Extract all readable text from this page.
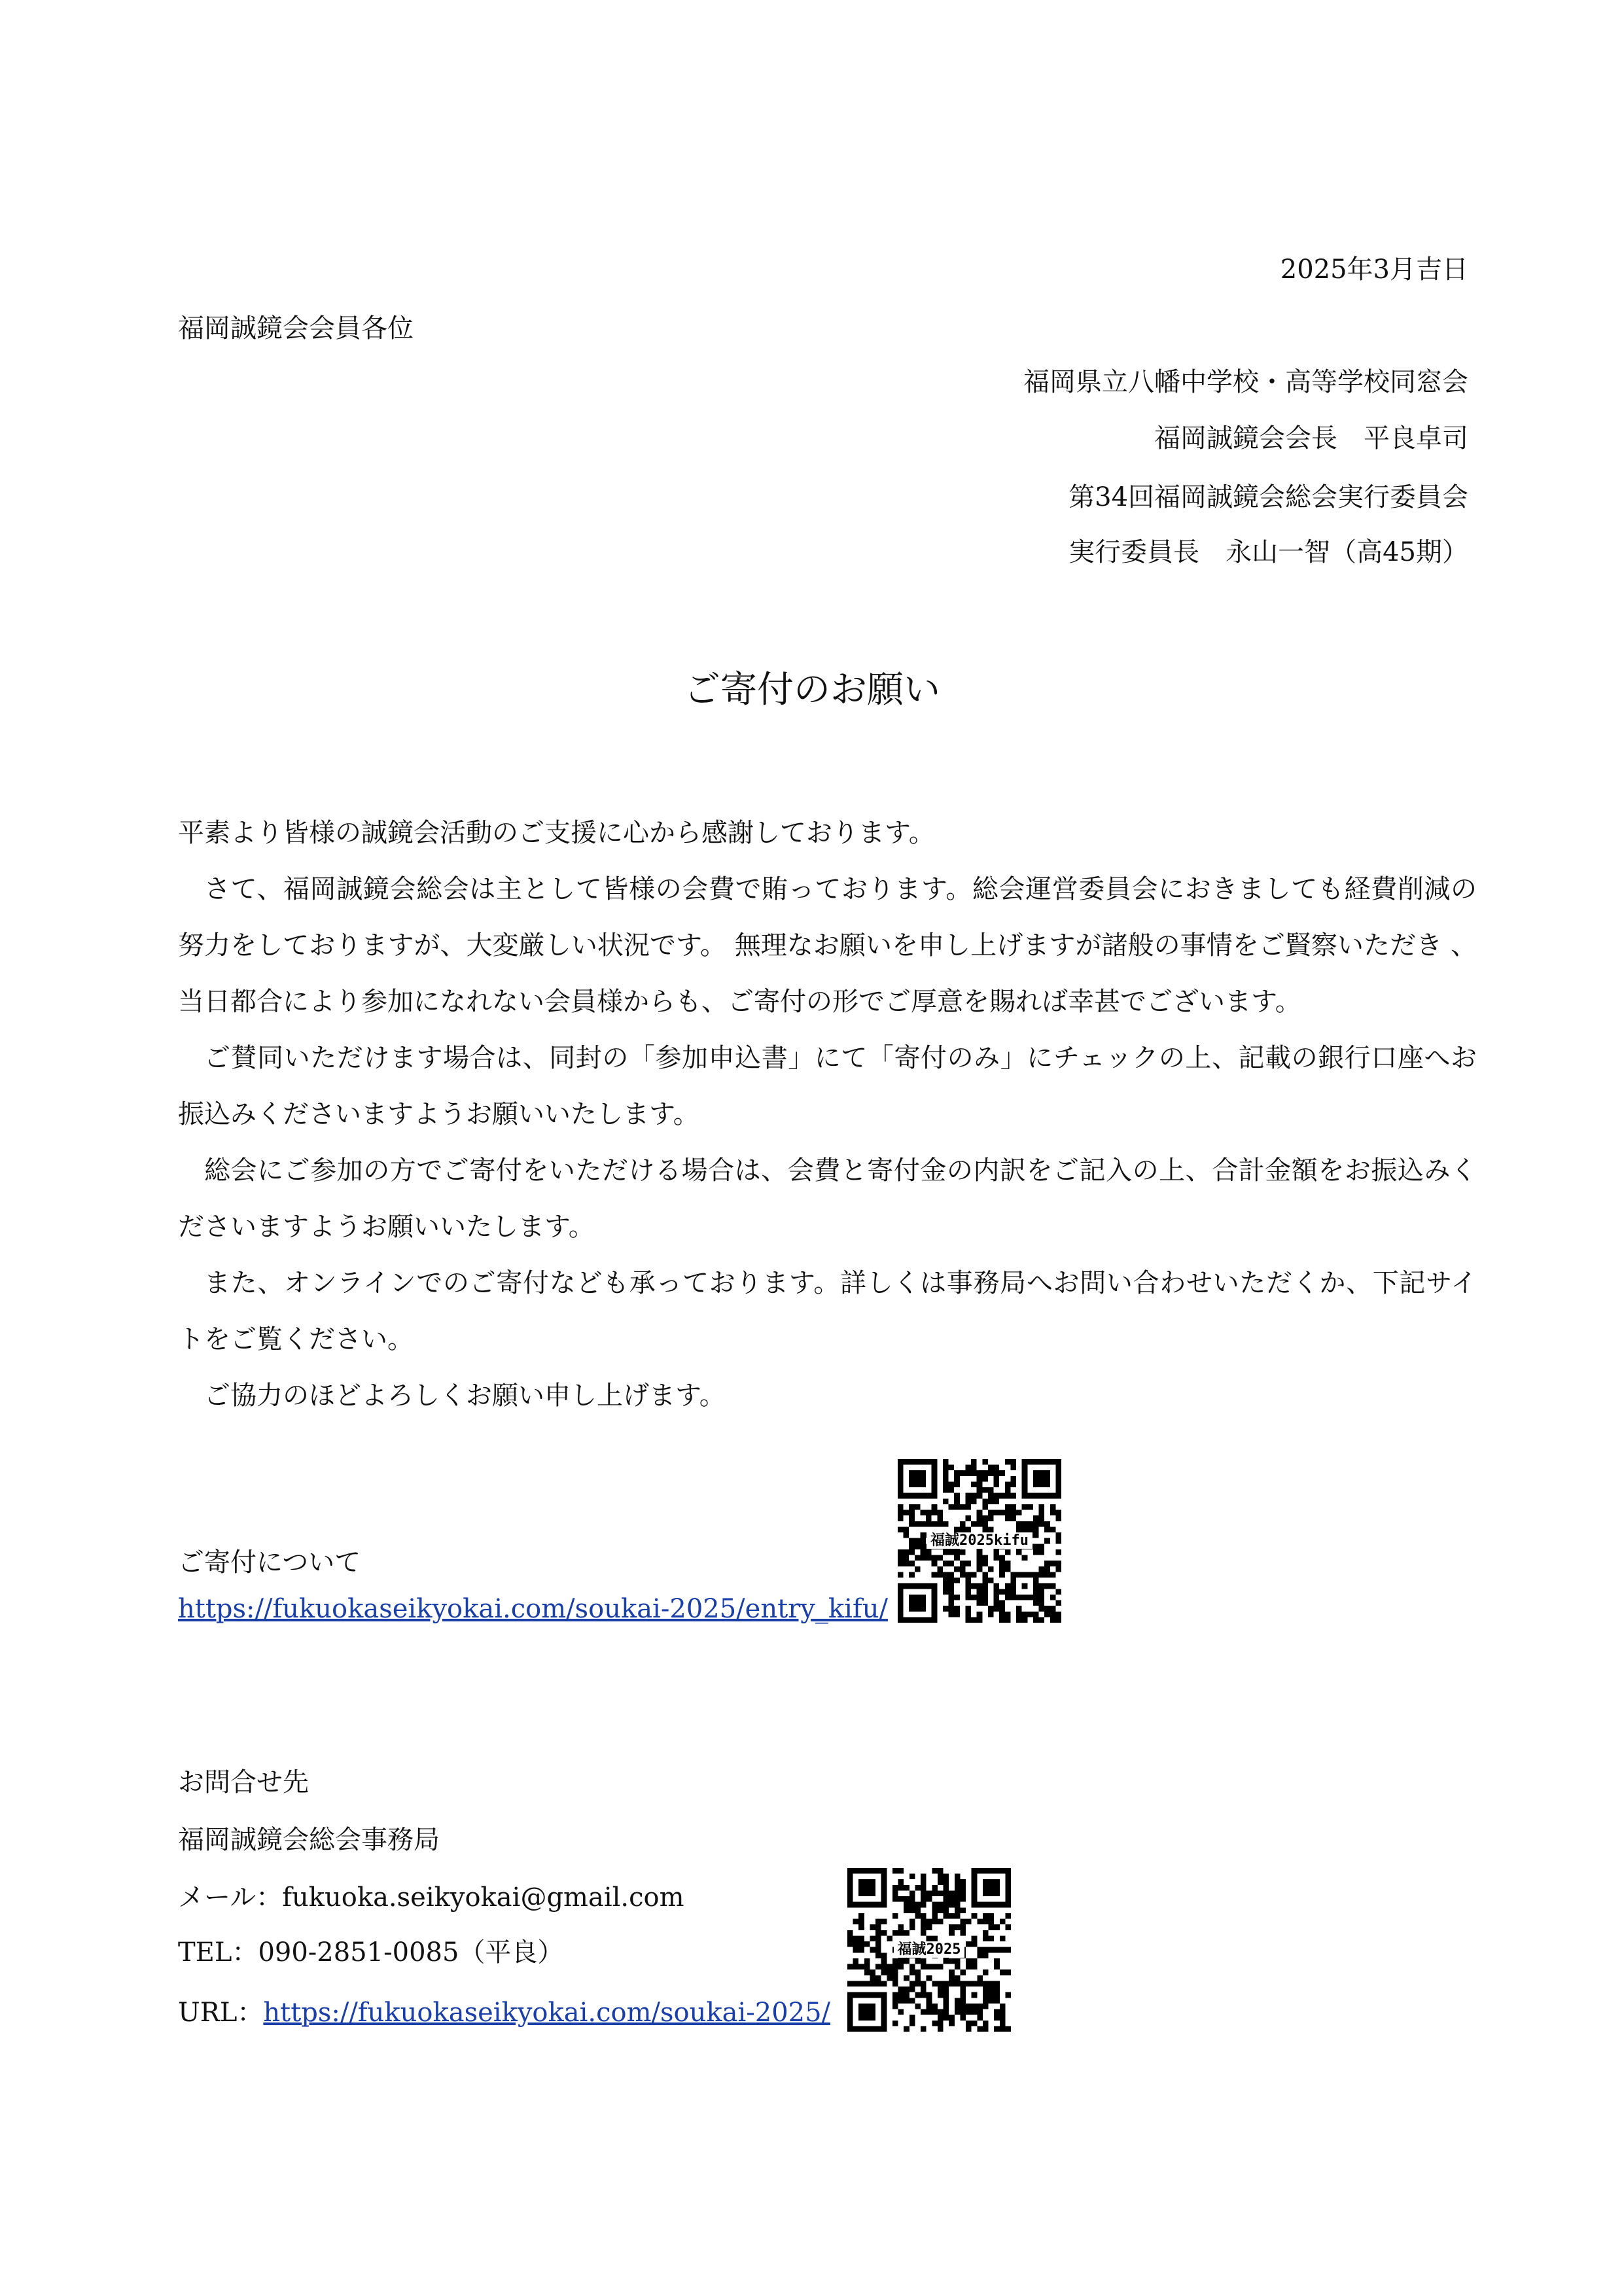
2025年3月吉日
福岡誠鏡会会員各位
福岡県立八幡中学校・高等学校同窓会
福岡誠鏡会会長　平良卓司
第34回福岡誠鏡会総会実行委員会
実行委員長　永山一智（高45期）
ご寄付のお願い

平素より皆様の誠鏡会活動のご支援に心から感謝しております。

さて、福岡誠鏡会総会は主として皆様の会費で賄っております。総会運営委員会におきましても経費削減の努力をしておりますが、大変厳しい状況です。 無理なお願いを申し上げますが諸般の事情をご賢察いただき 、当日都合により参加になれない会員様からも、ご寄付の形でご厚意を賜れば幸甚でございます。

ご賛同いただけます場合は、同封の「参加申込書」にて「寄付のみ」にチェックの上、記載の銀行口座へお振込みくださいますようお願いいたします。

総会にご参加の方でご寄付をいただける場合は、会費と寄付金の内訳をご記入の上、合計金額をお振込みくださいますようお願いいたします。

また、オンラインでのご寄付なども承っております。詳しくは事務局へお問い合わせいただくか、下記サイトをご覧ください。

ご協力のほどよろしくお願い申し上げます。

ご寄付について
https://fukuokaseikyokai.com/soukai-2025/entry_kifu/
福誠2025kifu
お問合せ先
福岡誠鏡会総会事務局
メール：fukuoka.seikyokai@gmail.com
TEL：090-2851-0085（平良）
URL：https://fukuokaseikyokai.com/soukai-2025/
福誠2025
